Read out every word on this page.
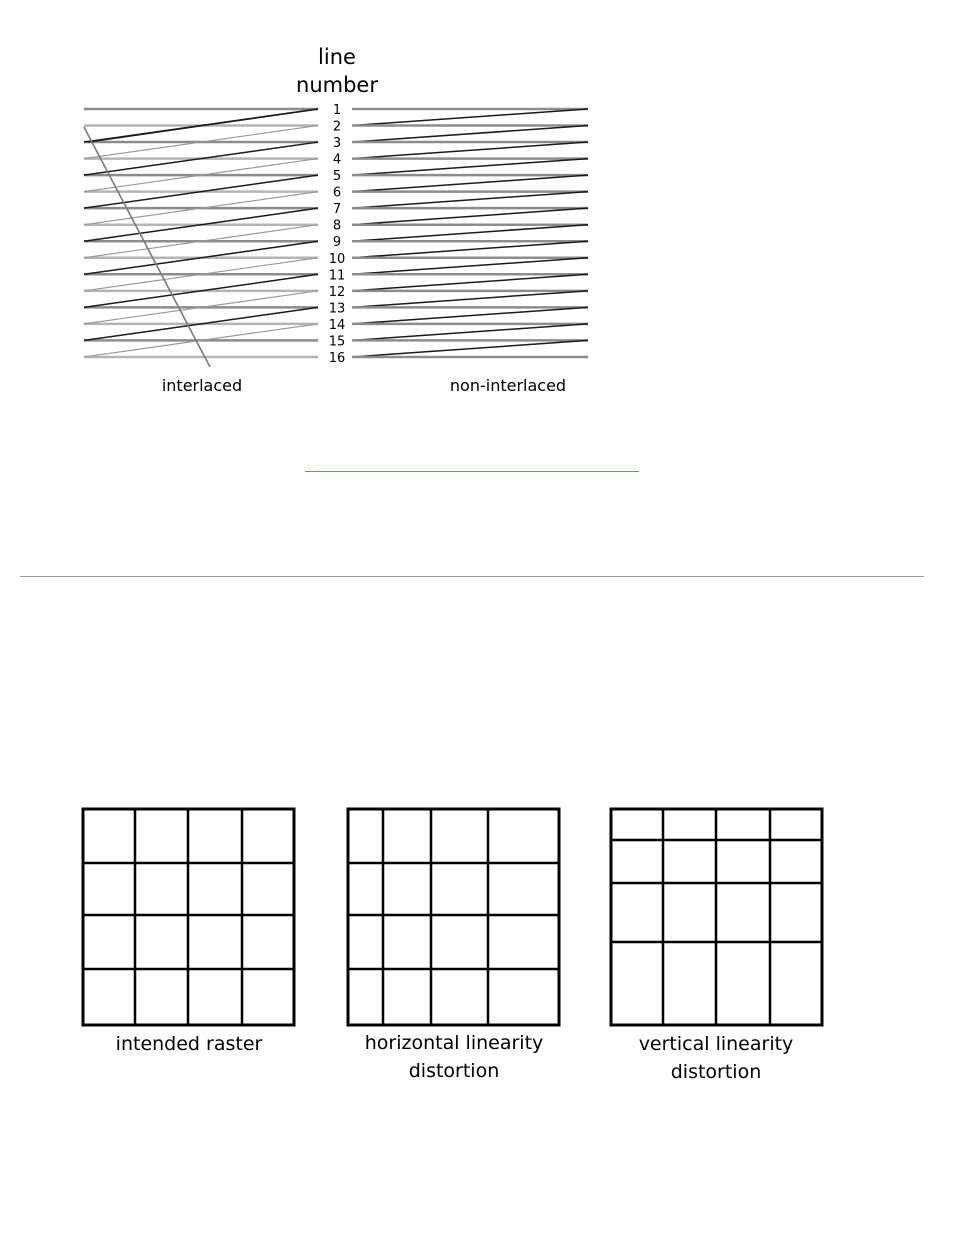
line
number
1
2
3
4
5
6
7
8
9
10
11
12
13
14
15
16
interlaced	non-interlaced
intended raster	horizontal linearity
distortion
vertical linearity
distortion
